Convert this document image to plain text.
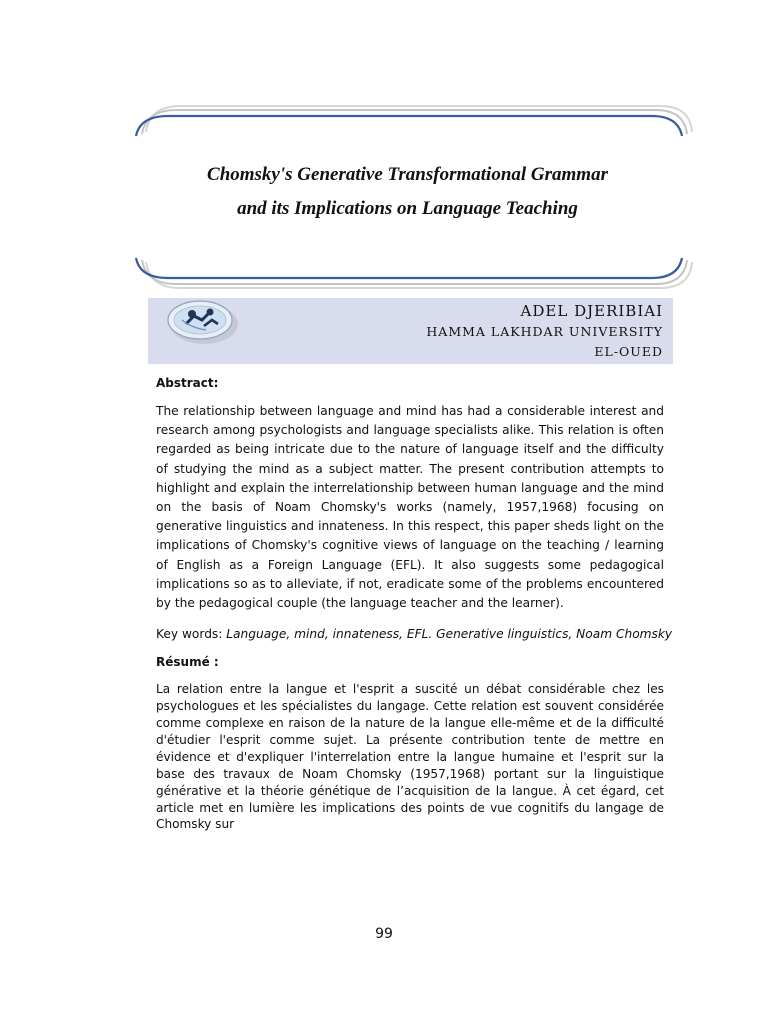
Chomsky's Generative Transformational Grammar
and its Implications on Language Teaching
ADEL DJERIBIAI
HAMMA LAKHDAR UNIVERSITY
EL-OUED
Abstract:

The relationship between language and mind has had a considerable interest and research among psychologists and language specialists alike. This relation is often regarded as being intricate due to the nature of language itself and the difficulty of studying the mind as a subject matter. The present contribution attempts to highlight and explain the interrelationship between human language and the mind on the basis of Noam Chomsky's works (namely, 1957,1968) focusing on generative linguistics and innateness. In this respect, this paper sheds light on the implications of Chomsky's cognitive views of language on the teaching / learning of English as a Foreign Language (EFL). It also suggests some pedagogical implications so as to alleviate, if not, eradicate some of the problems encountered by the pedagogical couple (the language teacher and the learner).

Key words: Language, mind, innateness, EFL. Generative linguistics, Noam Chomsky
Résumé :

La relation entre la langue et l'esprit a suscité un débat considérable chez les psychologues et les spécialistes du langage. Cette relation est souvent considérée comme complexe en raison de la nature de la langue elle-même et de la difficulté d'étudier l'esprit comme sujet. La présente contribution tente de mettre en évidence et d'expliquer l'interrelation entre la langue humaine et l'esprit sur la base des travaux de Noam Chomsky (1957,1968) portant sur la linguistique générative et la théorie génétique de l’acquisition de la langue. À cet égard, cet article met en lumière les implications des points de vue cognitifs du langage de Chomsky sur

99
